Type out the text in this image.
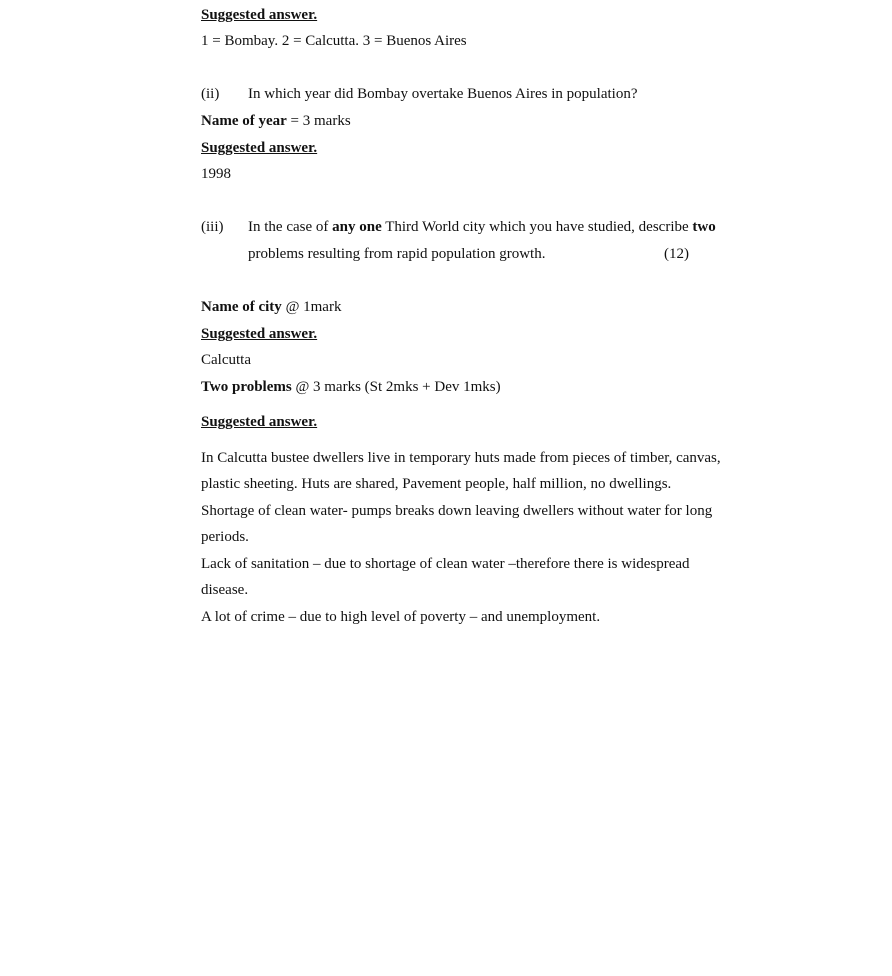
Suggested answer.
1 = Bombay. 2 = Calcutta. 3 = Buenos Aires
(ii) In which year did Bombay overtake Buenos Aires in population?
Name of year = 3 marks
Suggested answer.
1998
(iii) In the case of any one Third World city which you have studied, describe two
problems resulting from rapid population growth.	(12)
Name of city @ 1mark
Suggested answer.
Calcutta
Two problems @ 3 marks (St 2mks + Dev 1mks)
Suggested answer.
In Calcutta bustee dwellers live in temporary huts made from pieces of timber, canvas,
plastic sheeting. Huts are shared, Pavement people, half million, no dwellings.
Shortage of clean water- pumps breaks down leaving dwellers without water for long
periods.
Lack of sanitation – due to shortage of clean water –therefore there is widespread
disease.
A lot of crime – due to high level of poverty – and unemployment.
